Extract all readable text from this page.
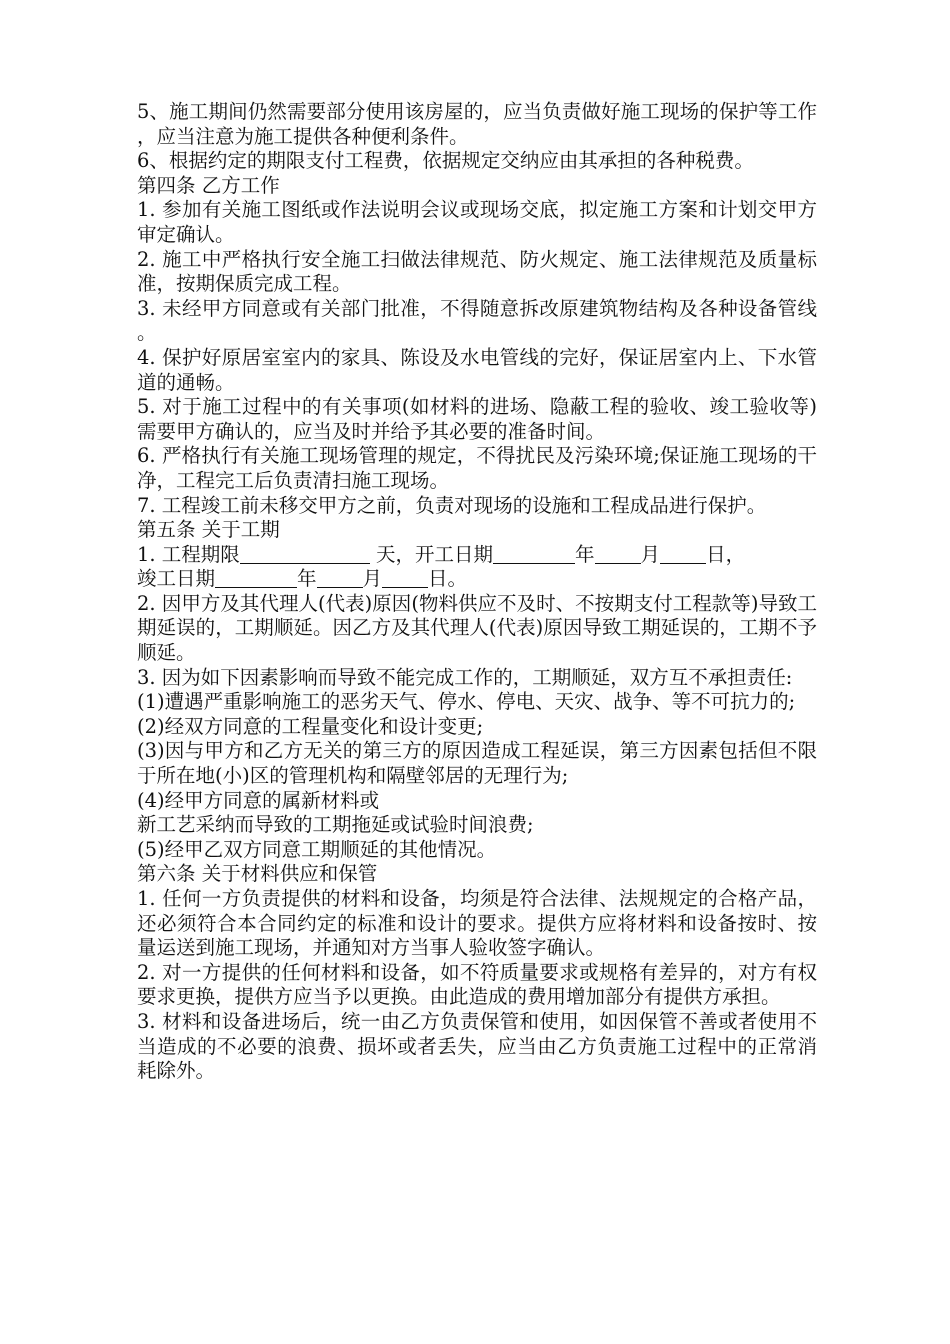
5、施工期间仍然需要部分使用该房屋的，应当负责做好施工现场的保护等工作，应当注意为施工提供各种便利条件。

6、根据约定的期限支付工程费，依据规定交纳应由其承担的各种税费。

第四条 乙方工作

1. 参加有关施工图纸或作法说明会议或现场交底，拟定施工方案和计划交甲方审定确认。

2. 施工中严格执行安全施工扫做法律规范、防火规定、施工法律规范及质量标准，按期保质完成工程。

3. 未经甲方同意或有关部门批准，不得随意拆改原建筑物结构及各种设备管线。

4. 保护好原居室室内的家具、陈设及水电管线的完好，保证居室内上、下水管道的通畅。

5. 对于施工过程中的有关事项(如材料的进场、隐蔽工程的验收、竣工验收等)需要甲方确认的，应当及时并给予其必要的准备时间。

6. 严格执行有关施工现场管理的规定，不得扰民及污染环境;保证施工现场的干净，工程完工后负责清扫施工现场。

7. 工程竣工前未移交甲方之前，负责对现场的设施和工程成品进行保护。

第五条 关于工期

1. 工程期限	天，开工日期	年 月 日，
竣工日期	年 月 日。

2. 因甲方及其代理人(代表)原因(物料供应不及时、不按期支付工程款等)导致工期延误的，工期顺延。因乙方及其代理人(代表)原因导致工期延误的，工期不予顺延。

3. 因为如下因素影响而导致不能完成工作的，工期顺延，双方互不承担责任:

(1)遭遇严重影响施工的恶劣天气、停水、停电、天灾、战争、等不可抗力的;

(2)经双方同意的工程量变化和设计变更;

(3)因与甲方和乙方无关的第三方的原因造成工程延误，第三方因素包括但不限于所在地(小)区的管理机构和隔壁邻居的无理行为;

(4)经甲方同意的属新材料或

新工艺采纳而导致的工期拖延或试验时间浪费;

(5)经甲乙双方同意工期顺延的其他情况。

第六条 关于材料供应和保管

1. 任何一方负责提供的材料和设备，均须是符合法律、法规规定的合格产品，还必须符合本合同约定的标准和设计的要求。提供方应将材料和设备按时、按量运送到施工现场，并通知对方当事人验收签字确认。

2. 对一方提供的任何材料和设备，如不符质量要求或规格有差异的，对方有权要求更换，提供方应当予以更换。由此造成的费用增加部分有提供方承担。

3. 材料和设备进场后，统一由乙方负责保管和使用，如因保管不善或者使用不当造成的不必要的浪费、损坏或者丢失，应当由乙方负责施工过程中的正常消耗除外。
